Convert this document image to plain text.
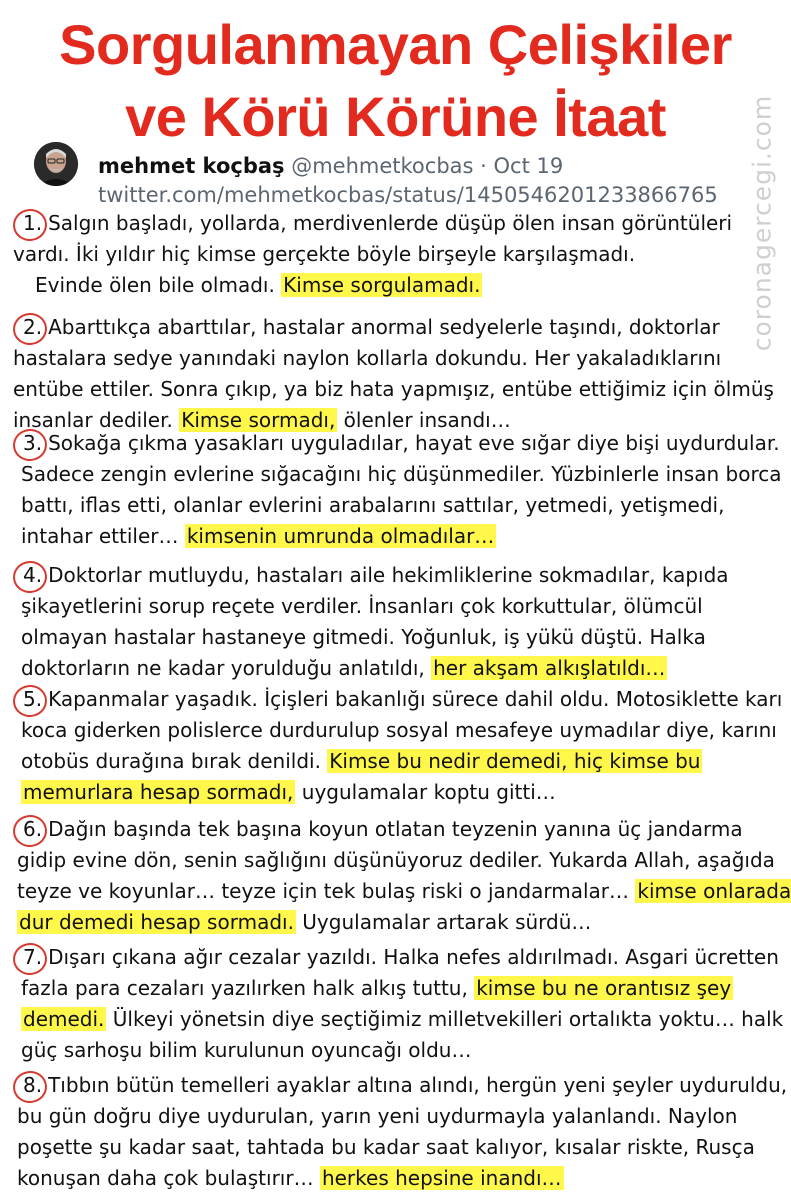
Sorgulanmayan Çelişkiler
ve Körü Körüne İtaat	coronagercegi.com
mehmet koçbaş @mehmetkocbas · Oct 19
twitter.com/mehmetkocbas/status/1450546201233866765
1. Salgın başladı, yollarda, merdivenlerde düşüp ölen insan görüntüleri
vardı. İki yıldır hiç kimse gerçekte böyle birşeyle karşılaşmadı.
Evinde ölen bile olmadı. Kimse sorgulamadı.
2. Abarttıkça abarttılar, hastalar anormal sedyelerle taşındı, doktorlar
hastalara sedye yanındaki naylon kollarla dokundu. Her yakaladıklarını
entübe ettiler. Sonra çıkıp, ya biz hata yapmışız, entübe ettiğimiz için ölmüş
insanlar dediler. Kimse sormadı, ölenler insandı…
3. Sokağa çıkma yasakları uyguladılar, hayat eve sığar diye bişi uydurdular.
Sadece zengin evlerine sığacağını hiç düşünmediler. Yüzbinlerle insan borca
battı, iflas etti, olanlar evlerini arabalarını sattılar, yetmedi, yetişmedi,
intahar ettiler… kimsenin umrunda olmadılar…
4. Doktorlar mutluydu, hastaları aile hekimliklerine sokmadılar, kapıda
şikayetlerini sorup reçete verdiler. İnsanları çok korkuttular, ölümcül
olmayan hastalar hastaneye gitmedi. Yoğunluk, iş yükü düştü. Halka
doktorların ne kadar yorulduğu anlatıldı, her akşam alkışlatıldı…
5. Kapanmalar yaşadık. İçişleri bakanlığı sürece dahil oldu. Motosiklette karı
koca giderken polislerce durdurulup sosyal mesafeye uymadılar diye, karını
otobüs durağına bırak denildi. Kimse bu nedir demedi, hiç kimse bu
memurlara hesap sormadı, uygulamalar koptu gitti…
6. Dağın başında tek başına koyun otlatan teyzenin yanına üç jandarma
gidip evine dön, senin sağlığını düşünüyoruz dediler. Yukarda Allah, aşağıda
teyze ve koyunlar… teyze için tek bulaş riski o jandarmalar… kimse onlarada
dur demedi hesap sormadı. Uygulamalar artarak sürdü…
7. Dışarı çıkana ağır cezalar yazıldı. Halka nefes aldırılmadı. Asgari ücretten
fazla para cezaları yazılırken halk alkış tuttu, kimse bu ne orantısız şey
demedi. Ülkeyi yönetsin diye seçtiğimiz milletvekilleri ortalıkta yoktu… halk
güç sarhoşu bilim kurulunun oyuncağı oldu…
8. Tıbbın bütün temelleri ayaklar altına alındı, hergün yeni şeyler uyduruldu,
bu gün doğru diye uydurulan, yarın yeni uydurmayla yalanlandı. Naylon
poşette şu kadar saat, tahtada bu kadar saat kalıyor, kısalar riskte, Rusça
konuşan daha çok bulaştırır… herkes hepsine inandı…
